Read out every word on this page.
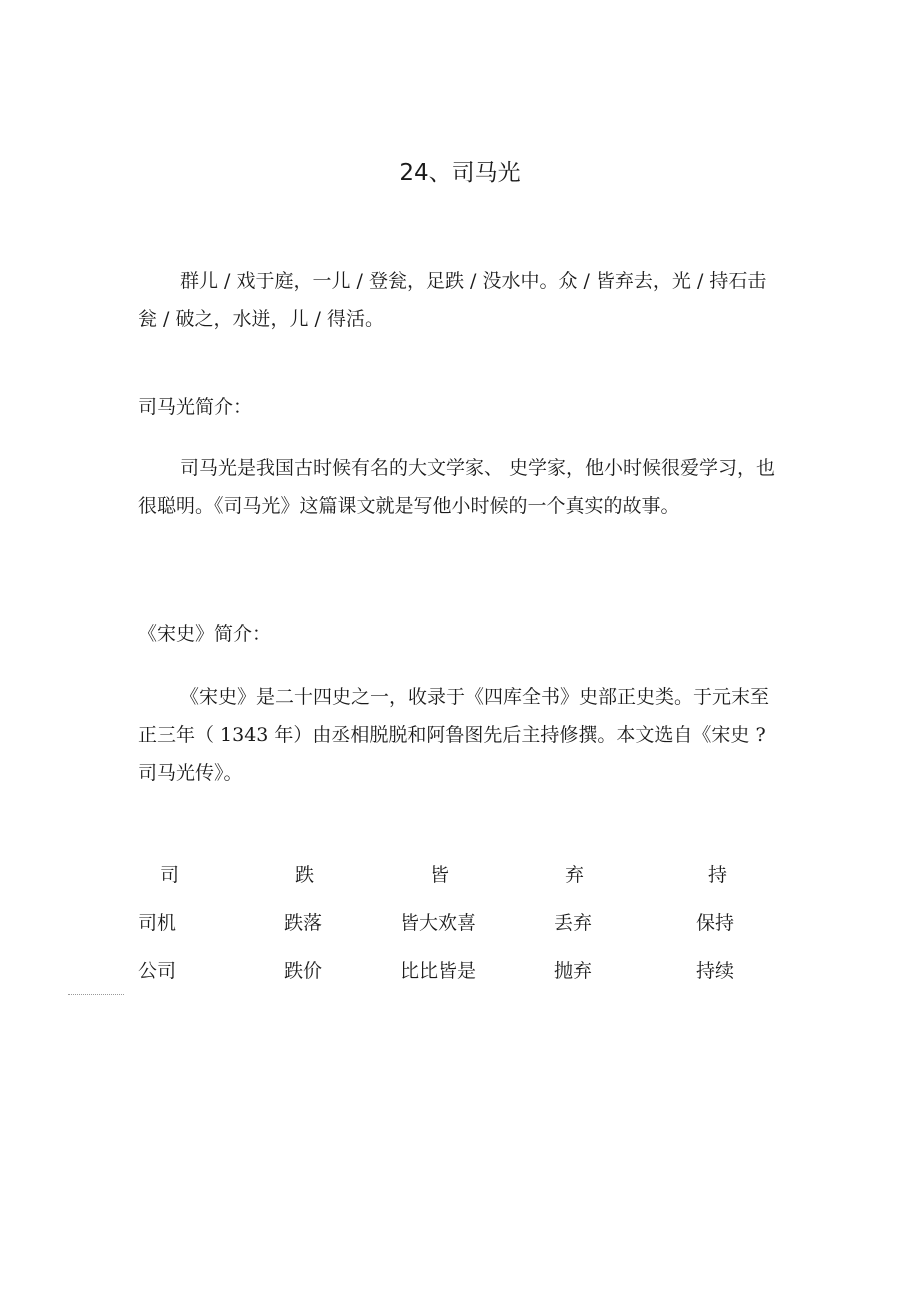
24、司马光

群儿 / 戏于庭，一儿 / 登瓮，足跌 / 没水中。众 / 皆弃去，光 / 持石击瓮 / 破之，水迸，儿 / 得活。

司马光简介：

司马光是我国古时候有名的大文学家、 史学家，他小时候很爱学习，也很聪明。《司马光》这篇课文就是写他小时候的一个真实的故事。

《宋史》简介：

《宋史》是二十四史之一，收录于《四库全书》史部正史类。于元末至正三年（ 1343 年）由丞相脱脱和阿鲁图先后主持修撰。本文选自《宋史 ?司马光传》。

司	跌	皆	弃	持
司机	跌落	皆大欢喜	丢弃	保持
公司	跌价	比比皆是	抛弃	持续
